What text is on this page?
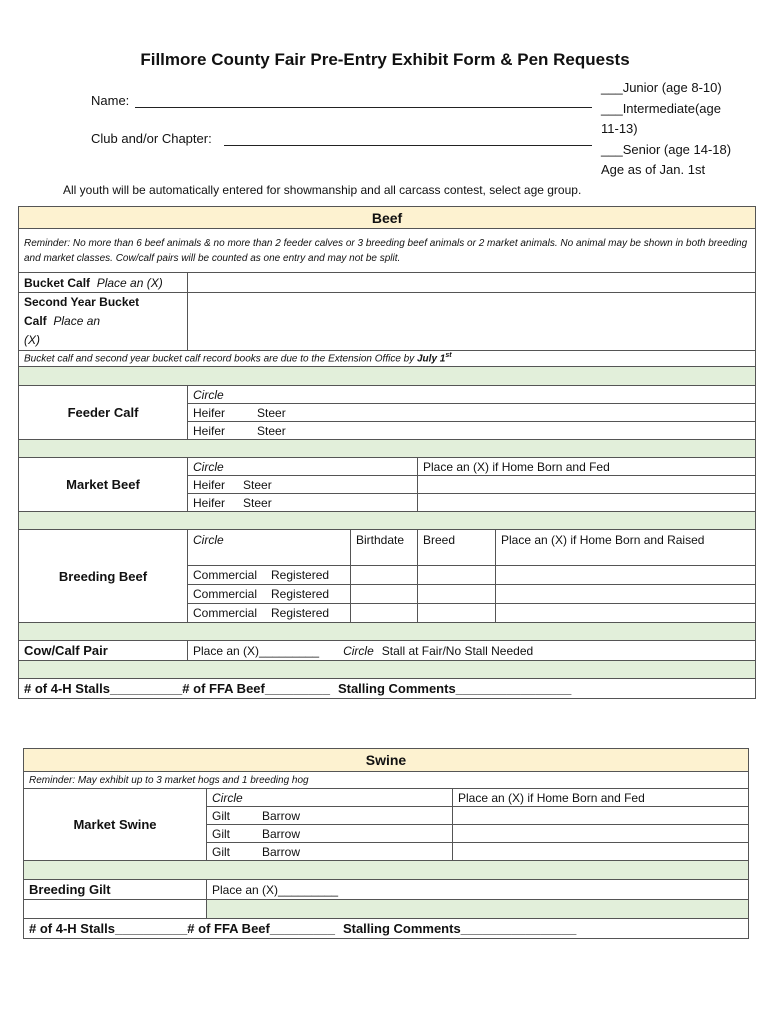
Fillmore County Fair Pre-Entry Exhibit Form & Pen Requests
Name:
Club and/or Chapter:
___Junior (age 8-10)
___Intermediate(age
11-13)
___Senior (age 14-18)
Age as of Jan. 1st
All youth will be automatically entered for showmanship and all carcass contest, select age group.
Beef				
Reminder: No more than 6 beef animals & no more than 2 feeder calves or 3 breeding beef animals or 2 market animals. No animal may be shown in both breeding and market classes. Cow/calf pairs will be counted as one entry and may not be split.				
Bucket Calf Place an (X)				
Second Year Bucket Calf Place an
(X)				
Bucket calf and second year bucket calf record books are due to the Extension Office by July 1st

Feeder Calf	Circle			
	Heifer Steer			
	Heifer Steer			

Market Beef	Circle		Place an (X) if Home Born and Fed	
	Heifer Steer			
	Heifer Steer			

Breeding Beef	Circle	Birthdate	Breed	Place an (X) if Home Born and Raised
	Commercial Registered			
	Commercial Registered			
	Commercial Registered			

Cow/Calf Pair	Place an (X)_________ Circle Stall at Fair/No Stall Needed			

# of 4-H Stalls__________# of FFA Beef_________ Stalling Comments________________				
Swine		
Reminder: May exhibit up to 3 market hogs and 1 breeding hog		
Market Swine	Circle	Place an (X) if Home Born and Fed
	Gilt Barrow	
	Gilt Barrow	
	Gilt Barrow	

Breeding Gilt	Place an (X)_________	

# of 4-H Stalls__________# of FFA Beef_________ Stalling Comments________________		
